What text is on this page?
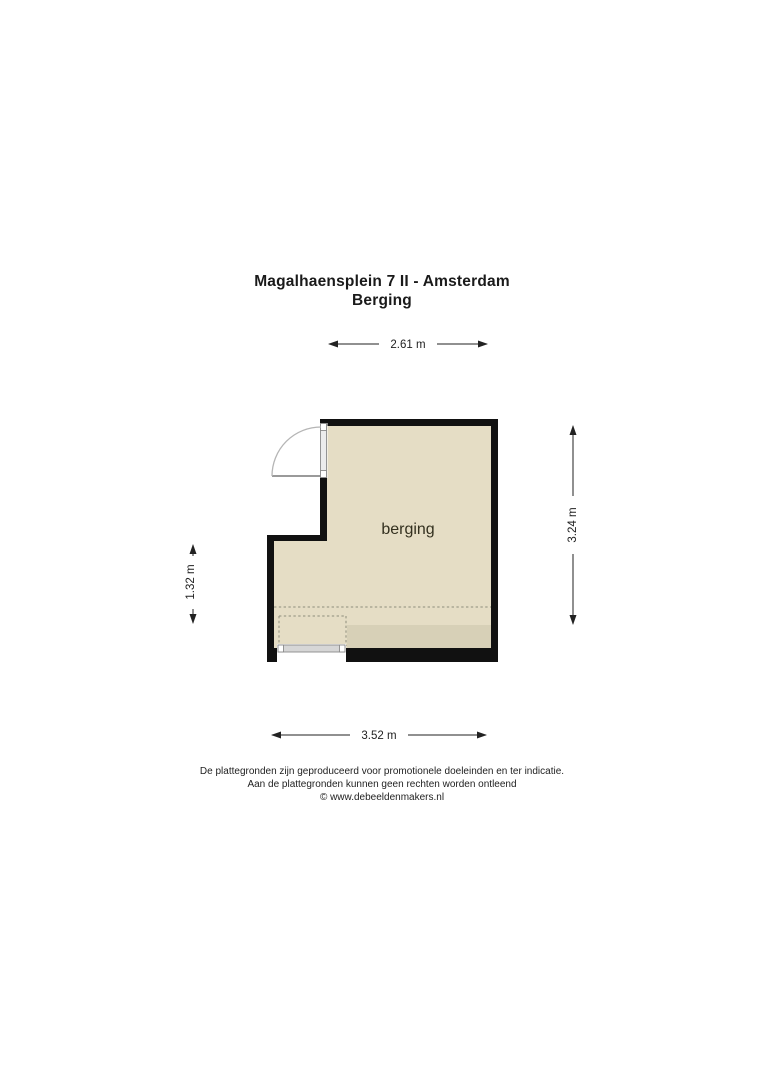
Magalhaensplein 7 II - Amsterdam
Berging
berging
2.61 m
3.52 m
3.24 m
1.32 m
De plattegronden zijn geproduceerd voor promotionele doeleinden en ter indicatie.
Aan de plattegronden kunnen geen rechten worden ontleend
© www.debeeldenmakers.nl
